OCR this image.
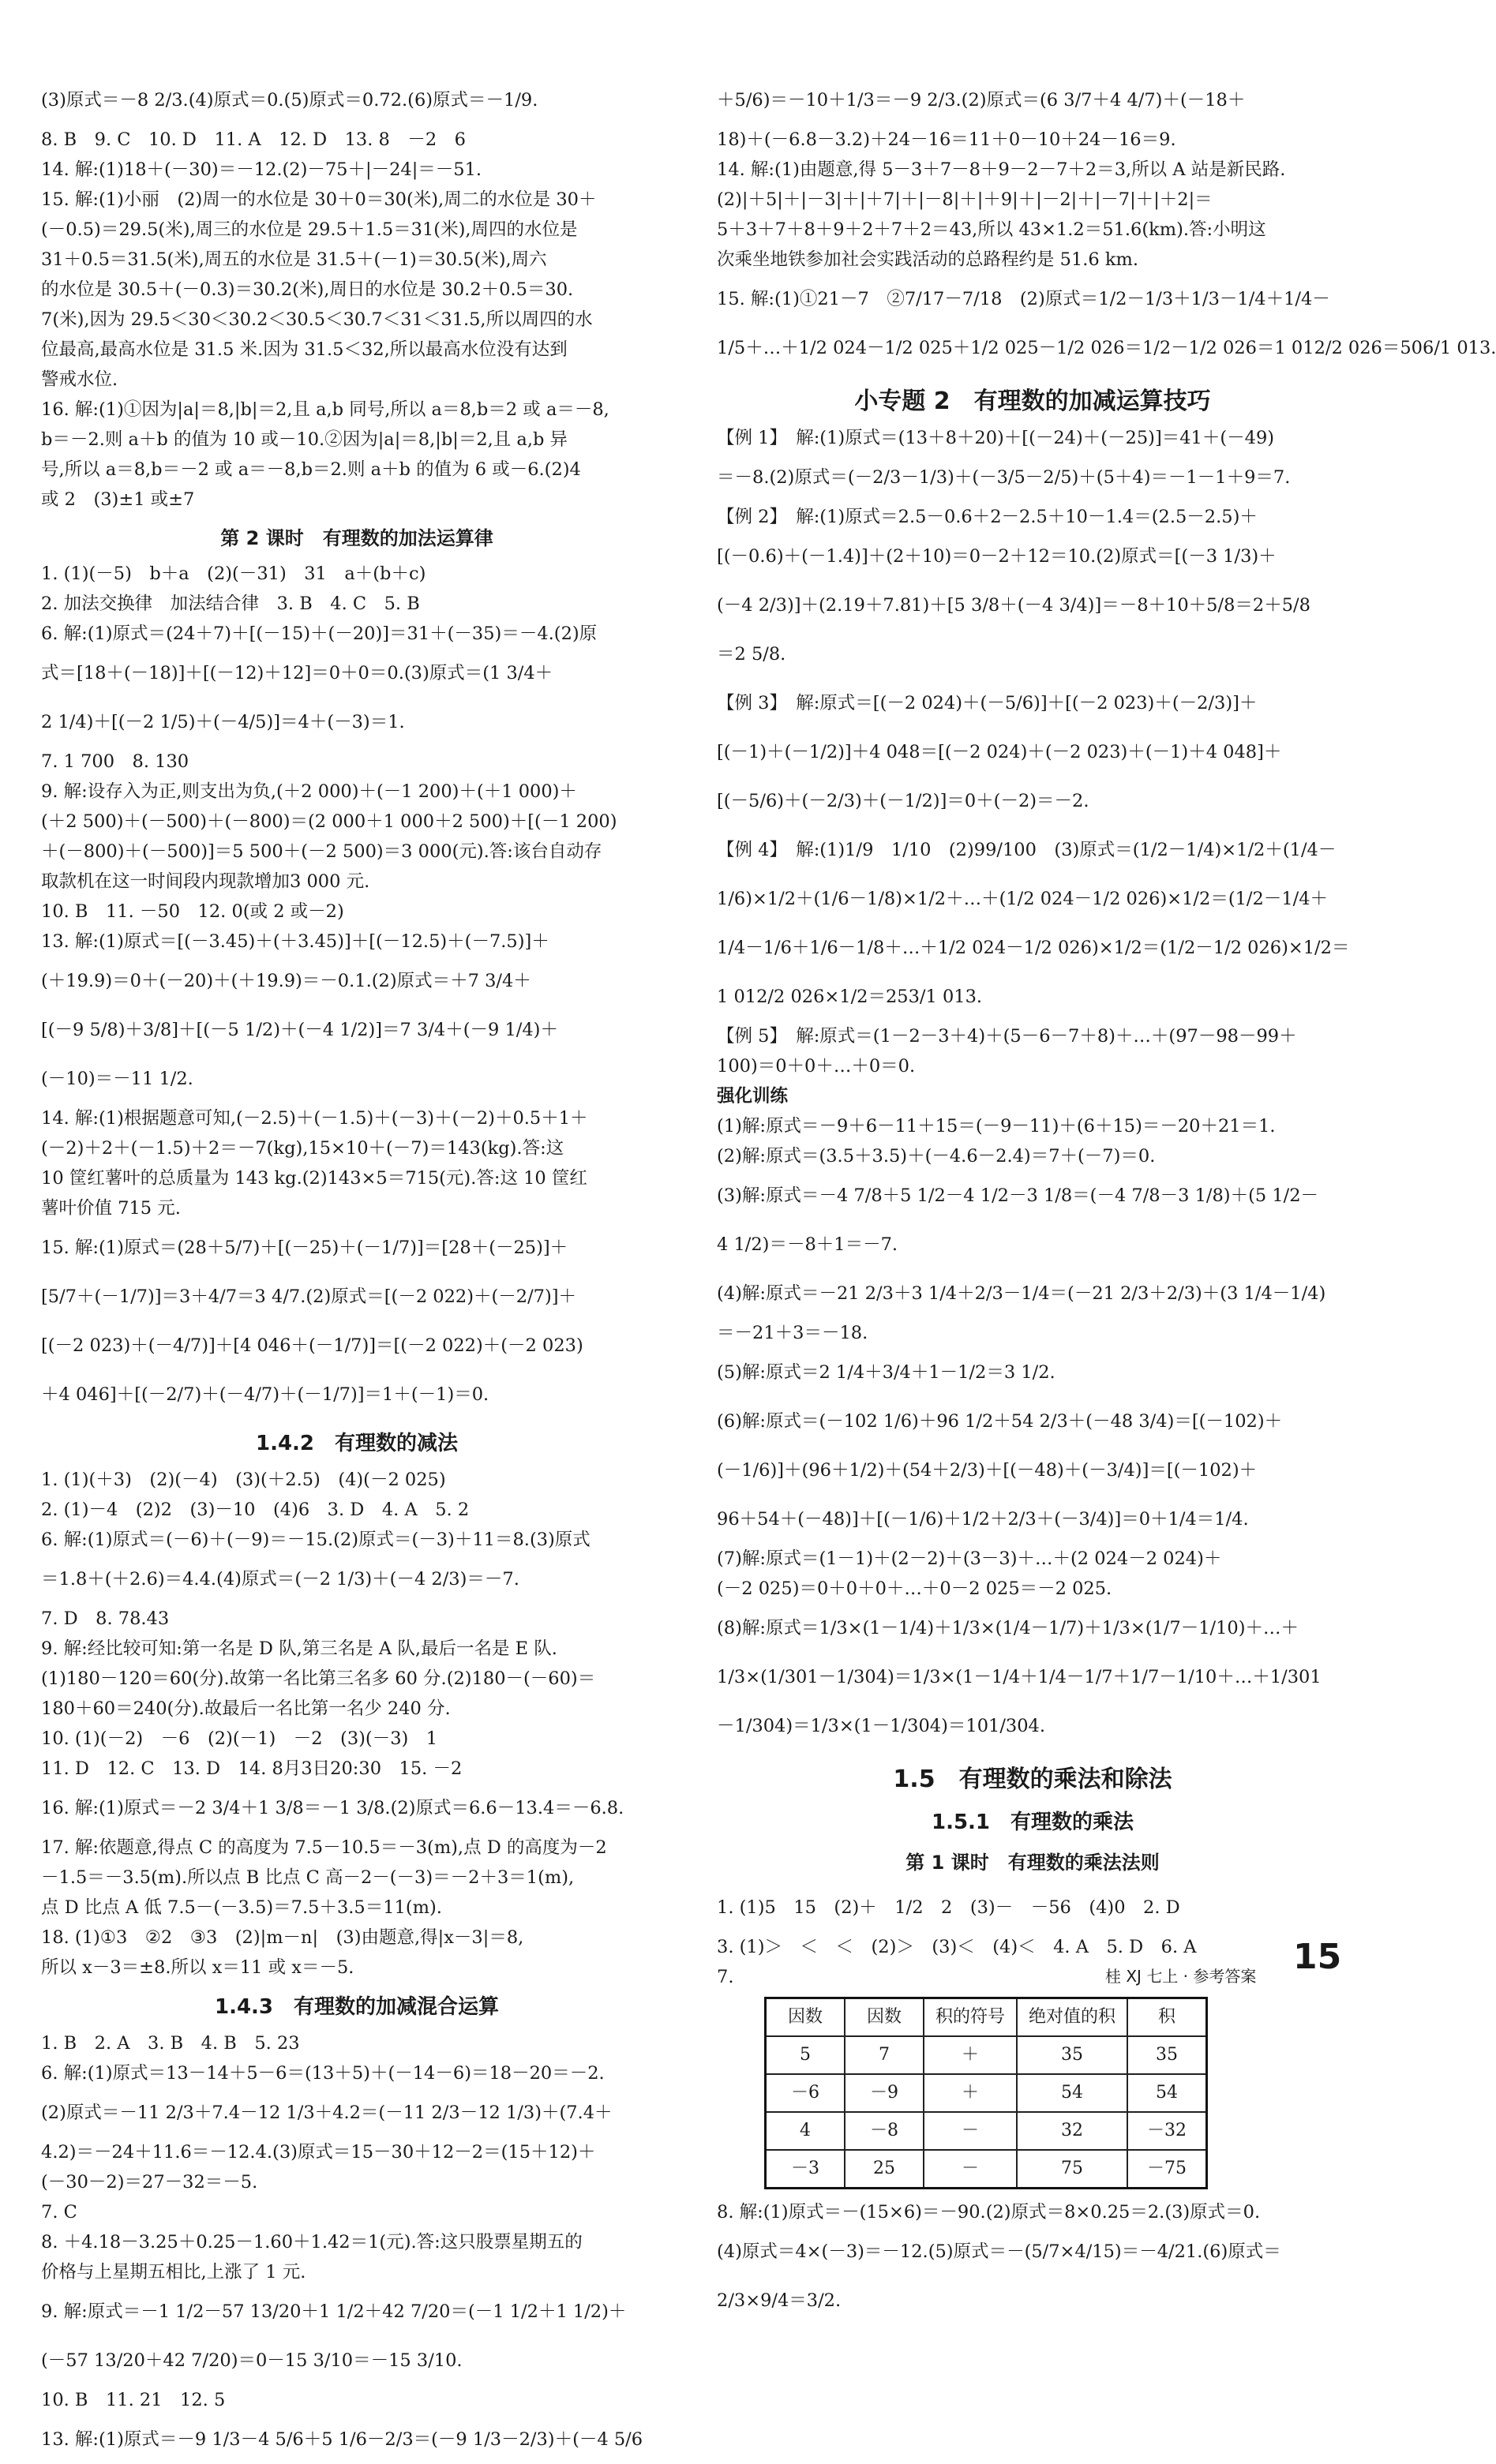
(3)原式＝－8 2/3.(4)原式＝0.(5)原式＝0.72.(6)原式＝－1/9.
8. B　9. C　10. D　11. A　12. D　13. 8　－2　6
14. 解:(1)18＋(－30)＝－12.(2)－75＋|－24|＝－51.
15. 解:(1)小丽　(2)周一的水位是 30＋0＝30(米),周二的水位是 30＋
(－0.5)＝29.5(米),周三的水位是 29.5＋1.5＝31(米),周四的水位是
31＋0.5＝31.5(米),周五的水位是 31.5＋(－1)＝30.5(米),周六
的水位是 30.5＋(－0.3)＝30.2(米),周日的水位是 30.2＋0.5＝30.
7(米),因为 29.5＜30＜30.2＜30.5＜30.7＜31＜31.5,所以周四的水
位最高,最高水位是 31.5 米.因为 31.5＜32,所以最高水位没有达到
警戒水位.
16. 解:(1)①因为|a|＝8,|b|＝2,且 a,b 同号,所以 a＝8,b＝2 或 a＝－8,
b＝－2.则 a＋b 的值为 10 或－10.②因为|a|＝8,|b|＝2,且 a,b 异
号,所以 a＝8,b＝－2 或 a＝－8,b＝2.则 a＋b 的值为 6 或－6.(2)4
或 2　(3)±1 或±7
第 2 课时　有理数的加法运算律
1. (1)(－5)　b＋a　(2)(－31)　31　a＋(b＋c)
2. 加法交换律　加法结合律　3. B　4. C　5. B
6. 解:(1)原式＝(24＋7)＋[(－15)＋(－20)]＝31＋(－35)＝－4.(2)原
式＝[18＋(－18)]＋[(－12)＋12]＝0＋0＝0.(3)原式＝(1 3/4＋
2 1/4)＋[(－2 1/5)＋(－4/5)]＝4＋(－3)＝1.
7. 1 700　8. 130
9. 解:设存入为正,则支出为负,(＋2 000)＋(－1 200)＋(＋1 000)＋
(＋2 500)＋(－500)＋(－800)＝(2 000＋1 000＋2 500)＋[(－1 200)
＋(－800)＋(－500)]＝5 500＋(－2 500)＝3 000(元).答:该台自动存
取款机在这一时间段内现款增加3 000 元.
10. B　11. －50　12. 0(或 2 或－2)
13. 解:(1)原式＝[(－3.45)＋(＋3.45)]＋[(－12.5)＋(－7.5)]＋
(＋19.9)＝0＋(－20)＋(＋19.9)＝－0.1.(2)原式＝＋7 3/4＋
[(－9 5/8)＋3/8]＋[(－5 1/2)＋(－4 1/2)]＝7 3/4＋(－9 1/4)＋
(－10)＝－11 1/2.
14. 解:(1)根据题意可知,(－2.5)＋(－1.5)＋(－3)＋(－2)＋0.5＋1＋
(－2)＋2＋(－1.5)＋2＝－7(kg),15×10＋(－7)＝143(kg).答:这
10 筐红薯叶的总质量为 143 kg.(2)143×5＝715(元).答:这 10 筐红
薯叶价值 715 元.
15. 解:(1)原式＝(28＋5/7)＋[(－25)＋(－1/7)]＝[28＋(－25)]＋
[5/7＋(－1/7)]＝3＋4/7＝3 4/7.(2)原式＝[(－2 022)＋(－2/7)]＋
[(－2 023)＋(－4/7)]＋[4 046＋(－1/7)]＝[(－2 022)＋(－2 023)
＋4 046]＋[(－2/7)＋(－4/7)＋(－1/7)]＝1＋(－1)＝0.
1.4.2　有理数的减法
1. (1)(＋3)　(2)(－4)　(3)(＋2.5)　(4)(－2 025)
2. (1)－4　(2)2　(3)－10　(4)6　3. D　4. A　5. 2
6. 解:(1)原式＝(－6)＋(－9)＝－15.(2)原式＝(－3)＋11＝8.(3)原式
＝1.8＋(＋2.6)＝4.4.(4)原式＝(－2 1/3)＋(－4 2/3)＝－7.
7. D　8. 78.43
9. 解:经比较可知:第一名是 D 队,第三名是 A 队,最后一名是 E 队.
(1)180－120＝60(分).故第一名比第三名多 60 分.(2)180－(－60)＝
180＋60＝240(分).故最后一名比第一名少 240 分.
10. (1)(－2)　－6　(2)(－1)　－2　(3)(－3)　1
11. D　12. C　13. D　14. 8月3日20:30　15. －2
16. 解:(1)原式＝－2 3/4＋1 3/8＝－1 3/8.(2)原式＝6.6－13.4＝－6.8.
17. 解:依题意,得点 C 的高度为 7.5－10.5＝－3(m),点 D 的高度为－2
－1.5＝－3.5(m).所以点 B 比点 C 高－2－(－3)＝－2＋3＝1(m),
点 D 比点 A 低 7.5－(－3.5)＝7.5＋3.5＝11(m).
18. (1)①3　②2　③3　(2)|m－n|　(3)由题意,得|x－3|＝8,
所以 x－3＝±8.所以 x＝11 或 x＝－5.
1.4.3　有理数的加减混合运算
1. B　2. A　3. B　4. B　5. 23
6. 解:(1)原式＝13－14＋5－6＝(13＋5)＋(－14－6)＝18－20＝－2.
(2)原式＝－11 2/3＋7.4－12 1/3＋4.2＝(－11 2/3－12 1/3)＋(7.4＋
4.2)＝－24＋11.6＝－12.4.(3)原式＝15－30＋12－2＝(15＋12)＋
(－30－2)＝27－32＝－5.
7. C
8. ＋4.18－3.25＋0.25－1.60＋1.42＝1(元).答:这只股票星期五的
价格与上星期五相比,上涨了 1 元.
9. 解:原式＝－1 1/2－57 13/20＋1 1/2＋42 7/20＝(－1 1/2＋1 1/2)＋
(－57 13/20＋42 7/20)＝0－15 3/10＝－15 3/10.
10. B　11. 21　12. 5
13. 解:(1)原式＝－9 1/3－4 5/6＋5 1/6－2/3＝(－9 1/3－2/3)＋(－4 5/6
＋5/6)＝－10＋1/3＝－9 2/3.(2)原式＝(6 3/7＋4 4/7)＋(－18＋
18)＋(－6.8－3.2)＋24－16＝11＋0－10＋24－16＝9.
14. 解:(1)由题意,得 5－3＋7－8＋9－2－7＋2＝3,所以 A 站是新民路.
(2)|＋5|＋|－3|＋|＋7|＋|－8|＋|＋9|＋|－2|＋|－7|＋|＋2|＝
5＋3＋7＋8＋9＋2＋7＋2＝43,所以 43×1.2＝51.6(km).答:小明这
次乘坐地铁参加社会实践活动的总路程约是 51.6 km.
15. 解:(1)①21－7　②7/17－7/18　(2)原式＝1/2－1/3＋1/3－1/4＋1/4－
1/5＋…＋1/2 024－1/2 025＋1/2 025－1/2 026＝1/2－1/2 026＝1 012/2 026＝506/1 013.
小专题 2　有理数的加减运算技巧
【例 1】　解:(1)原式＝(13＋8＋20)＋[(－24)＋(－25)]＝41＋(－49)
＝－8.(2)原式＝(－2/3－1/3)＋(－3/5－2/5)＋(5＋4)＝－1－1＋9＝7.
【例 2】　解:(1)原式＝2.5－0.6＋2－2.5＋10－1.4＝(2.5－2.5)＋
[(－0.6)＋(－1.4)]＋(2＋10)＝0－2＋12＝10.(2)原式＝[(－3 1/3)＋
(－4 2/3)]＋(2.19＋7.81)＋[5 3/8＋(－4 3/4)]＝－8＋10＋5/8＝2＋5/8
＝2 5/8.
【例 3】　解:原式＝[(－2 024)＋(－5/6)]＋[(－2 023)＋(－2/3)]＋
[(－1)＋(－1/2)]＋4 048＝[(－2 024)＋(－2 023)＋(－1)＋4 048]＋
[(－5/6)＋(－2/3)＋(－1/2)]＝0＋(－2)＝－2.
【例 4】　解:(1)1/9　1/10　(2)99/100　(3)原式＝(1/2－1/4)×1/2＋(1/4－
1/6)×1/2＋(1/6－1/8)×1/2＋…＋(1/2 024－1/2 026)×1/2＝(1/2－1/4＋
1/4－1/6＋1/6－1/8＋…＋1/2 024－1/2 026)×1/2＝(1/2－1/2 026)×1/2＝
1 012/2 026×1/2＝253/1 013.
【例 5】　解:原式＝(1－2－3＋4)＋(5－6－7＋8)＋…＋(97－98－99＋
100)＝0＋0＋…＋0＝0.
强化训练
(1)解:原式＝－9＋6－11＋15＝(－9－11)＋(6＋15)＝－20＋21＝1.
(2)解:原式＝(3.5＋3.5)＋(－4.6－2.4)＝7＋(－7)＝0.
(3)解:原式＝－4 7/8＋5 1/2－4 1/2－3 1/8＝(－4 7/8－3 1/8)＋(5 1/2－
4 1/2)＝－8＋1＝－7.
(4)解:原式＝－21 2/3＋3 1/4＋2/3－1/4＝(－21 2/3＋2/3)＋(3 1/4－1/4)
＝－21＋3＝－18.
(5)解:原式＝2 1/4＋3/4＋1－1/2＝3 1/2.
(6)解:原式＝(－102 1/6)＋96 1/2＋54 2/3＋(－48 3/4)＝[(－102)＋
(－1/6)]＋(96＋1/2)＋(54＋2/3)＋[(－48)＋(－3/4)]＝[(－102)＋
96＋54＋(－48)]＋[(－1/6)＋1/2＋2/3＋(－3/4)]＝0＋1/4＝1/4.
(7)解:原式＝(1－1)＋(2－2)＋(3－3)＋…＋(2 024－2 024)＋
(－2 025)＝0＋0＋0＋…＋0－2 025＝－2 025.
(8)解:原式＝1/3×(1－1/4)＋1/3×(1/4－1/7)＋1/3×(1/7－1/10)＋…＋
1/3×(1/301－1/304)＝1/3×(1－1/4＋1/4－1/7＋1/7－1/10＋…＋1/301
－1/304)＝1/3×(1－1/304)＝101/304.
1.5　有理数的乘法和除法
1.5.1　有理数的乘法
第 1 课时　有理数的乘法法则
1. (1)5　15　(2)＋　1/2　2　(3)－　－56　(4)0　2. D
3. (1)＞　＜　＜　(2)＞　(3)＜　(4)＜　4. A　5. D　6. A
7.
因数	因数	积的符号	绝对值的积	积
5	7	＋	35	35
－6	－9	＋	54	54
4	－8	－	32	－32
－3	25	－	75	－75
8. 解:(1)原式＝－(15×6)＝－90.(2)原式＝8×0.25＝2.(3)原式＝0.
(4)原式＝4×(－3)＝－12.(5)原式＝－(5/7×4/15)＝－4/21.(6)原式＝
2/3×9/4＝3/2.
桂 XJ 七上 · 参考答案 15
